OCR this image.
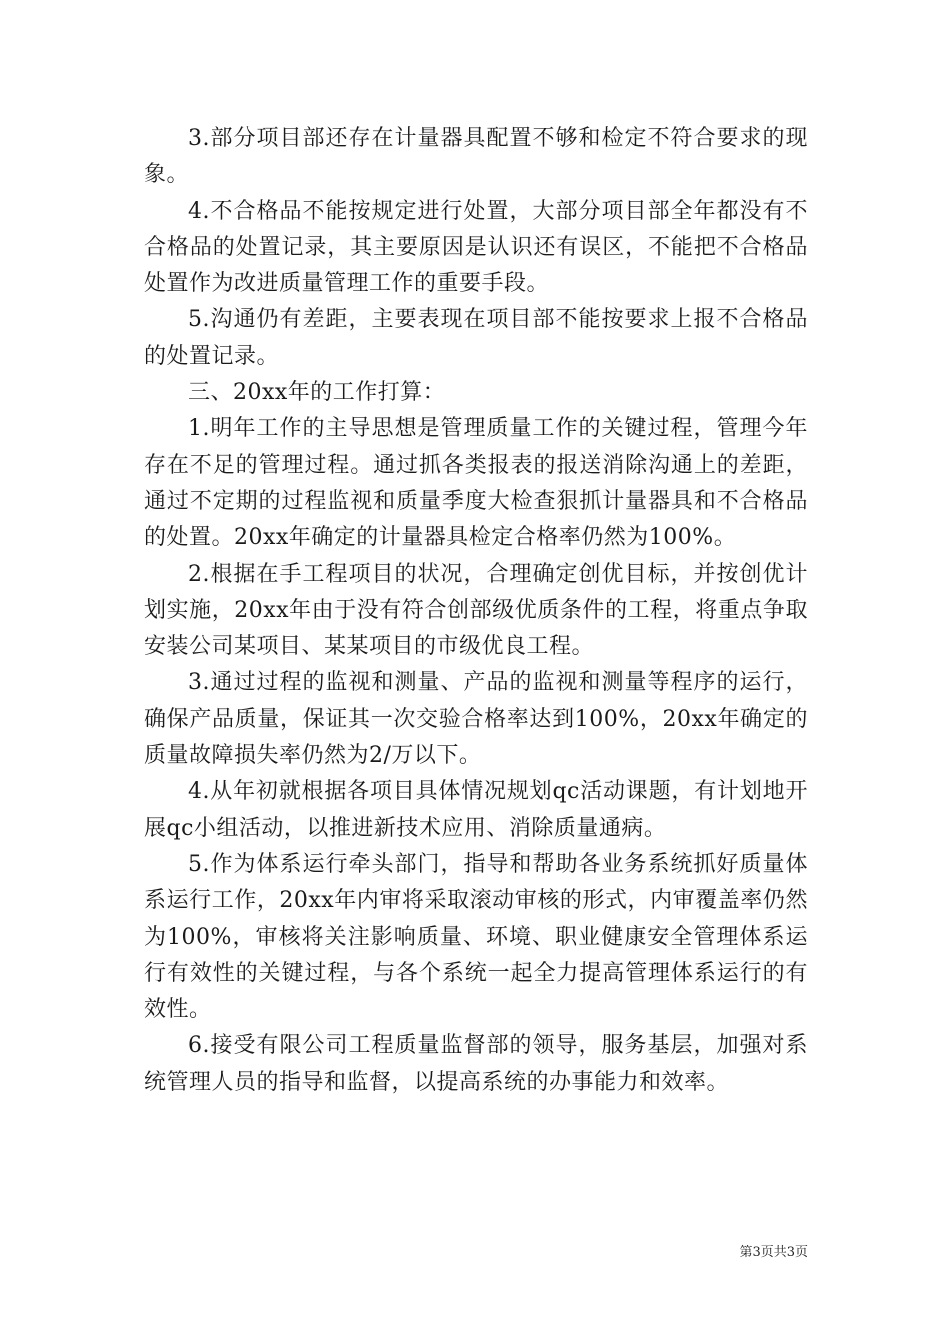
3.部分项目部还存在计量器具配置不够和检定不符合要求的现象。

4.不合格品不能按规定进行处置，大部分项目部全年都没有不合格品的处置记录，其主要原因是认识还有误区，不能把不合格品处置作为改进质量管理工作的重要手段。

5.沟通仍有差距，主要表现在项目部不能按要求上报不合格品的处置记录。

三、20xx年的工作打算：

1.明年工作的主导思想是管理质量工作的关键过程，管理今年存在不足的管理过程。通过抓各类报表的报送消除沟通上的差距，通过不定期的过程监视和质量季度大检查狠抓计量器具和不合格品的处置。20xx年确定的计量器具检定合格率仍然为100%。

2.根据在手工程项目的状况，合理确定创优目标，并按创优计划实施，20xx年由于没有符合创部级优质条件的工程，将重点争取安装公司某项目、某某项目的市级优良工程。

3.通过过程的监视和测量、产品的监视和测量等程序的运行，确保产品质量，保证其一次交验合格率达到100%，20xx年确定的质量故障损失率仍然为2/万以下。

4.从年初就根据各项目具体情况规划qc活动课题，有计划地开展qc小组活动，以推进新技术应用、消除质量通病。

5.作为体系运行牵头部门，指导和帮助各业务系统抓好质量体系运行工作，20xx年内审将采取滚动审核的形式，内审覆盖率仍然为100%，审核将关注影响质量、环境、职业健康安全管理体系运行有效性的关键过程，与各个系统一起全力提高管理体系运行的有效性。

6.接受有限公司工程质量监督部的领导，服务基层，加强对系统管理人员的指导和监督，以提高系统的办事能力和效率。

第3页共3页
